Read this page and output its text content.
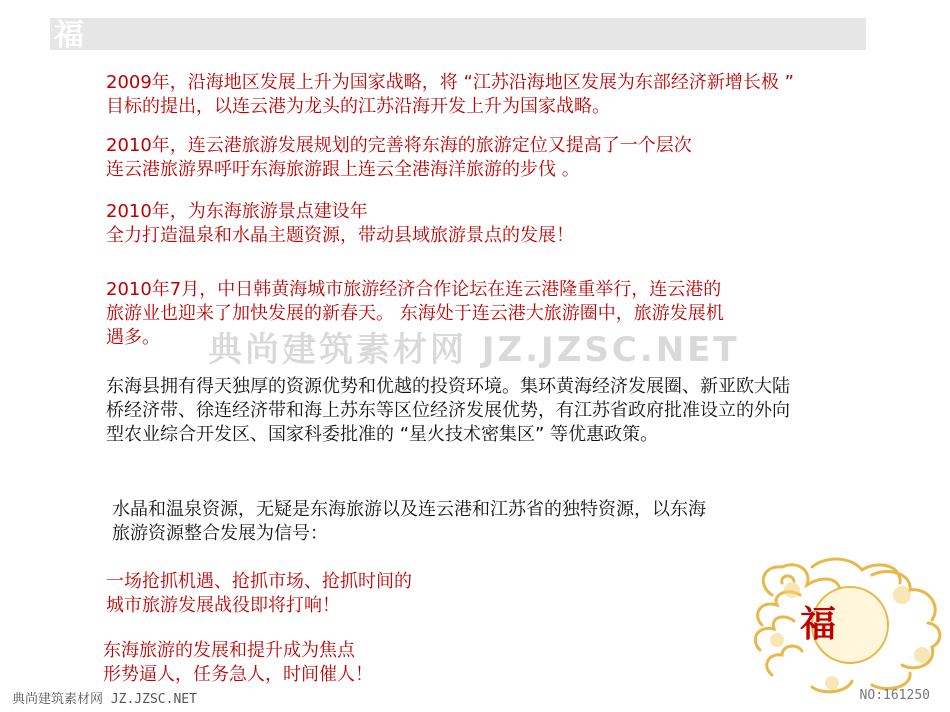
福
2009年，沿海地区发展上升为国家战略，将 “江苏沿海地区发展为东部经济新增长极 ”
目标的提出，以连云港为龙头的江苏沿海开发上升为国家战略。
2010年，连云港旅游发展规划的完善将东海的旅游定位又提高了一个层次
连云港旅游界呼吁东海旅游跟上连云全港海洋旅游的步伐 。
2010年，为东海旅游景点建设年
全力打造温泉和水晶主题资源，带动县域旅游景点的发展！
2010年7月，中日韩黄海城市旅游经济合作论坛在连云港隆重举行，连云港的
旅游业也迎来了加快发展的新春天。 东海处于连云港大旅游圈中，旅游发展机
遇多。	典尚建筑素材网 JZ.JZSC.NET
东海县拥有得天独厚的资源优势和优越的投资环境。集环黄海经济发展圈、新亚欧大陆
桥经济带、徐连经济带和海上苏东等区位经济发展优势，有江苏省政府批准设立的外向
型农业综合开发区、国家科委批准的 “星火技术密集区” 等优惠政策。
水晶和温泉资源，无疑是东海旅游以及连云港和江苏省的独特资源，以东海
旅游资源整合发展为信号：
一场抢抓机遇、抢抓市场、抢抓时间的
城市旅游发展战役即将打响！
东海旅游的发展和提升成为焦点
形势逼人，任务急人，时间催人！
福
典尚建筑素材网 JZ.JZSC.NET	NO:161250
